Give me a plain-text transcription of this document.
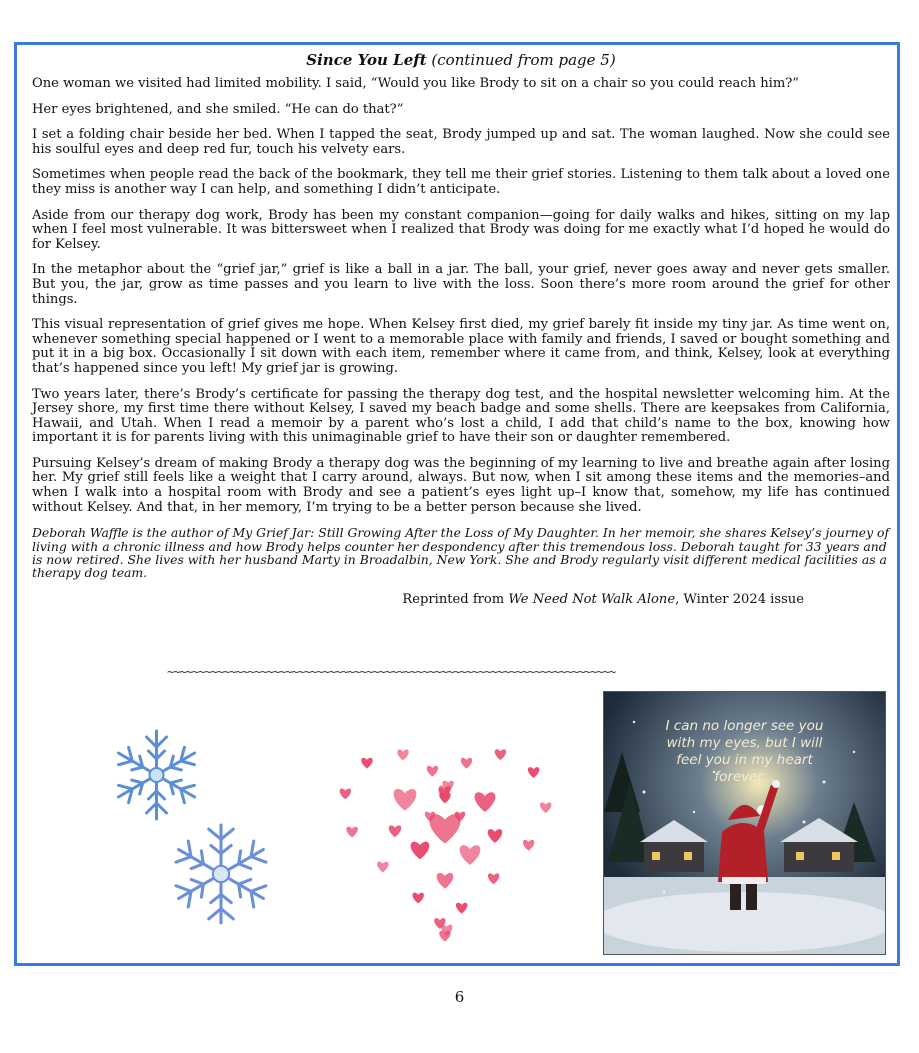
Since You Left (continued from page 5)

One woman we visited had limited mobility. I said, “Would you like Brody to sit on a chair so you could reach him?”

Her eyes brightened, and she smiled. “He can do that?”

I set a folding chair beside her bed. When I tapped the seat, Brody jumped up and sat. The woman laughed. Now she could see his soulful eyes and deep red fur, touch his velvety ears.

Sometimes when people read the back of the bookmark, they tell me their grief stories. Listening to them talk about a loved one they miss is another way I can help, and something I didn’t anticipate.

Aside from our therapy dog work, Brody has been my constant companion—going for daily walks and hikes, sitting on my lap when I feel most vulnerable. It was bittersweet when I realized that Brody was doing for me exactly what I’d hoped he would do for Kelsey.

In the metaphor about the “grief jar,” grief is like a ball in a jar. The ball, your grief, never goes away and never gets smaller. But you, the jar, grow as time passes and you learn to live with the loss. Soon there’s more room around the grief for other things.

This visual representation of grief gives me hope. When Kelsey first died, my grief barely fit inside my tiny jar. As time went on, whenever something special happened or I went to a memorable place with family and friends, I saved or bought something and put it in a big box. Occasionally I sit down with each item, remember where it came from, and think, Kelsey, look at everything that’s happened since you left! My grief jar is growing.

Two years later, there’s Brody’s certificate for passing the therapy dog test, and the hospital newsletter welcoming him. At the Jersey shore, my first time there without Kelsey, I saved my beach badge and some shells. There are keepsakes from California, Hawaii, and Utah. When I read a memoir by a parent who’s lost a child, I add that child’s name to the box, knowing how important it is for parents living with this unimaginable grief to have their son or daughter remembered.

Pursuing Kelsey’s dream of making Brody a therapy dog was the beginning of my learning to live and breathe again after losing her. My grief still feels like a weight that I carry around, always. But now, when I sit among these items and the memories–and when I walk into a hospital room with Brody and see a patient’s eyes light up–I know that, somehow, my life has continued without Kelsey. And that, in her memory, I’m trying to be a better person because she lived.

Deborah Waffle is the author of My Grief Jar: Still Growing After the Loss of My Daughter. In her memoir, she shares Kelsey’s journey of living with a chronic illness and how Brody helps counter her despondency after this tremendous loss. Deborah taught for 33 years and is now retired. She lives with her husband Marty in Broadalbin, New York. She and Brody regularly visit different medical facilities as a therapy dog team.

Reprinted from We Need Not Walk Alone, Winter 2024 issue
~~~~~~~~~~~~~~~~~~~~~~~~~~~~~~~~~~~~~~~~~~~~~~~~~~~~~~~~~~~~~~~~~~~~~~~~
I can no longer see you
with my eyes, but I will
feel you in my heart
forever...
6
